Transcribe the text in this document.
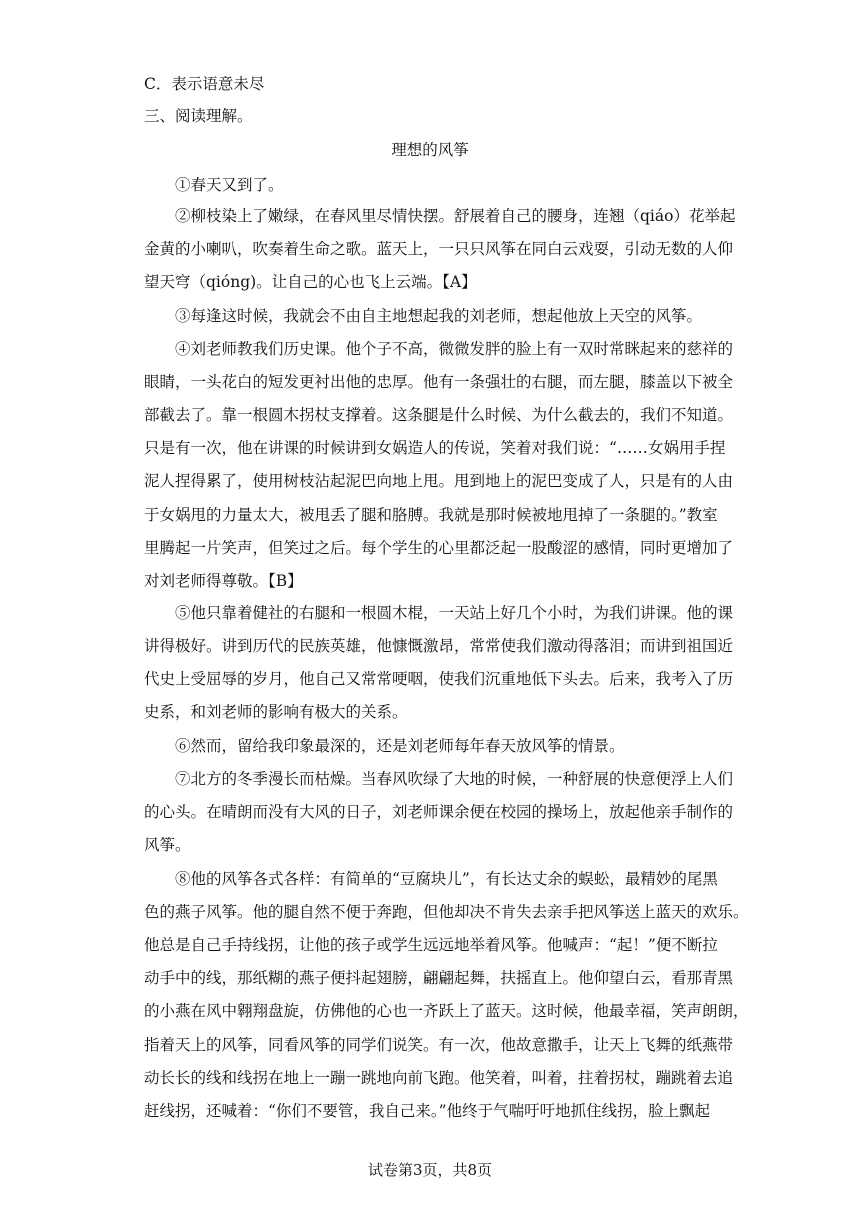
C．表示语意未尽
三、阅读理解。
理想的风筝
①春天又到了。
②柳枝染上了嫩绿，在春风里尽情快摆。舒展着自己的腰身，连翘（qiáo）花举起
金黄的小喇叭，吹奏着生命之歌。蓝天上，一只只风筝在同白云戏耍，引动无数的人仰
望天穹（qióng)。让自己的心也飞上云端。【A】
③每逢这时候，我就会不由自主地想起我的刘老师，想起他放上天空的风筝。
④刘老师教我们历史课。他个子不高，微微发胖的脸上有一双时常眯起来的慈祥的
眼睛，一头花白的短发更衬出他的忠厚。他有一条强壮的右腿，而左腿，膝盖以下被全
部截去了。靠一根圆木拐杖支撑着。这条腿是什么时候、为什么截去的，我们不知道。
只是有一次，他在讲课的时候讲到女娲造人的传说，笑着对我们说：“……女娲用手捏
泥人捏得累了，使用树枝沾起泥巴向地上甩。甩到地上的泥巴变成了人，只是有的人由
于女娲甩的力量太大，被甩丢了腿和胳膊。我就是那时候被地甩掉了一条腿的。”教室
里腾起一片笑声，但笑过之后。每个学生的心里都泛起一股酸涩的感情，同时更增加了
对刘老师得尊敬。【B】
⑤他只靠着健社的右腿和一根圆木棍，一天站上好几个小时，为我们讲课。他的课
讲得极好。讲到历代的民族英雄，他慷慨激昂，常常使我们激动得落泪；而讲到祖国近
代史上受屈辱的岁月，他自己又常常哽咽，使我们沉重地低下头去。后来，我考入了历
史系，和刘老师的影响有极大的关系。
⑥然而，留给我印象最深的，还是刘老师每年春天放风筝的情景。
⑦北方的冬季漫长而枯燥。当春风吹绿了大地的时候，一种舒展的快意便浮上人们
的心头。在晴朗而没有大风的日子，刘老师课余便在校园的操场上，放起他亲手制作的
风筝。
⑧他的风筝各式各样：有简单的“豆腐块儿”，有长达丈余的蜈蚣，最精妙的尾黑
色的燕子风筝。他的腿自然不便于奔跑，但他却决不肯失去亲手把风筝送上蓝天的欢乐。
他总是自己手持线拐，让他的孩子或学生远远地举着风筝。他喊声：“起！”便不断拉
动手中的线，那纸糊的燕子便抖起翅膀，翩翩起舞，扶摇直上。他仰望白云，看那青黑
的小燕在风中翱翔盘旋，仿佛他的心也一齐跃上了蓝天。这时候，他最幸福，笑声朗朗，
指着天上的风筝，同看风筝的同学们说笑。有一次，他故意撒手，让天上飞舞的纸燕带
动长长的线和线拐在地上一蹦一跳地向前飞跑。他笑着，叫着，拄着拐杖，蹦跳着去追
赶线拐，还喊着：“你们不要管，我自己来。”他终于气喘吁吁地抓住线拐，脸上飘起
试卷第3页，共8页
